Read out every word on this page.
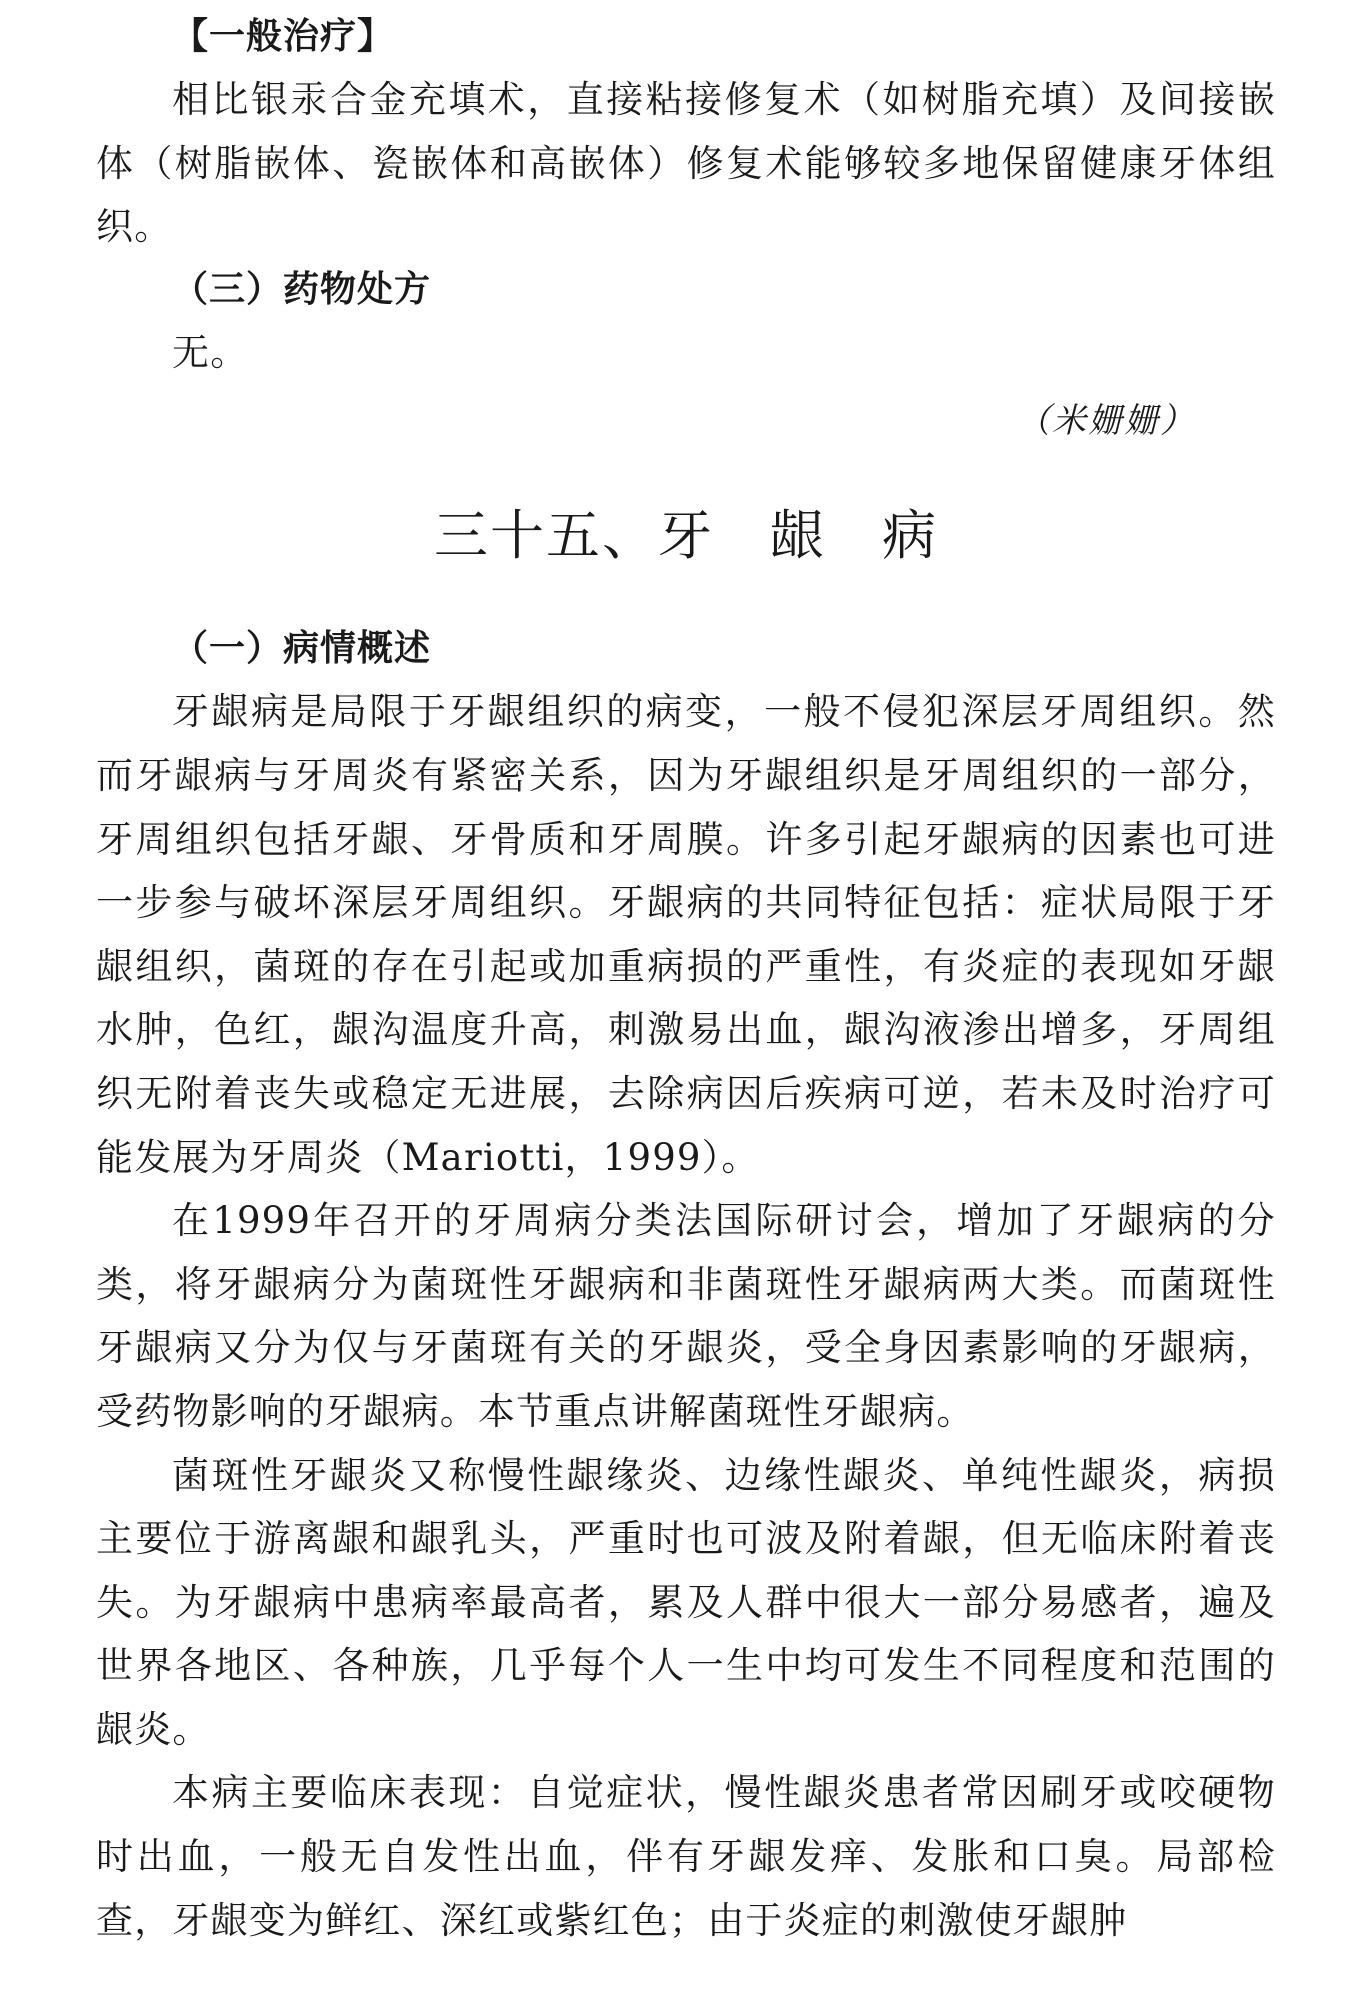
【一般治疗】

相比银汞合金充填术，直接粘接修复术（如树脂充填）及间接嵌体（树脂嵌体、瓷嵌体和高嵌体）修复术能够较多地保留健康牙体组织。

（三）药物处方

无。

（米姗姗）

三十五、牙　龈　病

（一）病情概述

牙龈病是局限于牙龈组织的病变，一般不侵犯深层牙周组织。然而牙龈病与牙周炎有紧密关系，因为牙龈组织是牙周组织的一部分，牙周组织包括牙龈、牙骨质和牙周膜。许多引起牙龈病的因素也可进一步参与破坏深层牙周组织。牙龈病的共同特征包括：症状局限于牙龈组织，菌斑的存在引起或加重病损的严重性，有炎症的表现如牙龈水肿，色红，龈沟温度升高，刺激易出血，龈沟液渗出增多，牙周组织无附着丧失或稳定无进展，去除病因后疾病可逆，若未及时治疗可能发展为牙周炎（Mariotti，1999）。

在1999年召开的牙周病分类法国际研讨会，增加了牙龈病的分类，将牙龈病分为菌斑性牙龈病和非菌斑性牙龈病两大类。而菌斑性牙龈病又分为仅与牙菌斑有关的牙龈炎，受全身因素影响的牙龈病，受药物影响的牙龈病。本节重点讲解菌斑性牙龈病。

菌斑性牙龈炎又称慢性龈缘炎、边缘性龈炎、单纯性龈炎，病损主要位于游离龈和龈乳头，严重时也可波及附着龈，但无临床附着丧失。为牙龈病中患病率最高者，累及人群中很大一部分易感者，遍及世界各地区、各种族，几乎每个人一生中均可发生不同程度和范围的龈炎。

本病主要临床表现：自觉症状，慢性龈炎患者常因刷牙或咬硬物时出血，一般无自发性出血，伴有牙龈发痒、发胀和口臭。局部检查，牙龈变为鲜红、深红或紫红色；由于炎症的刺激使牙龈肿
